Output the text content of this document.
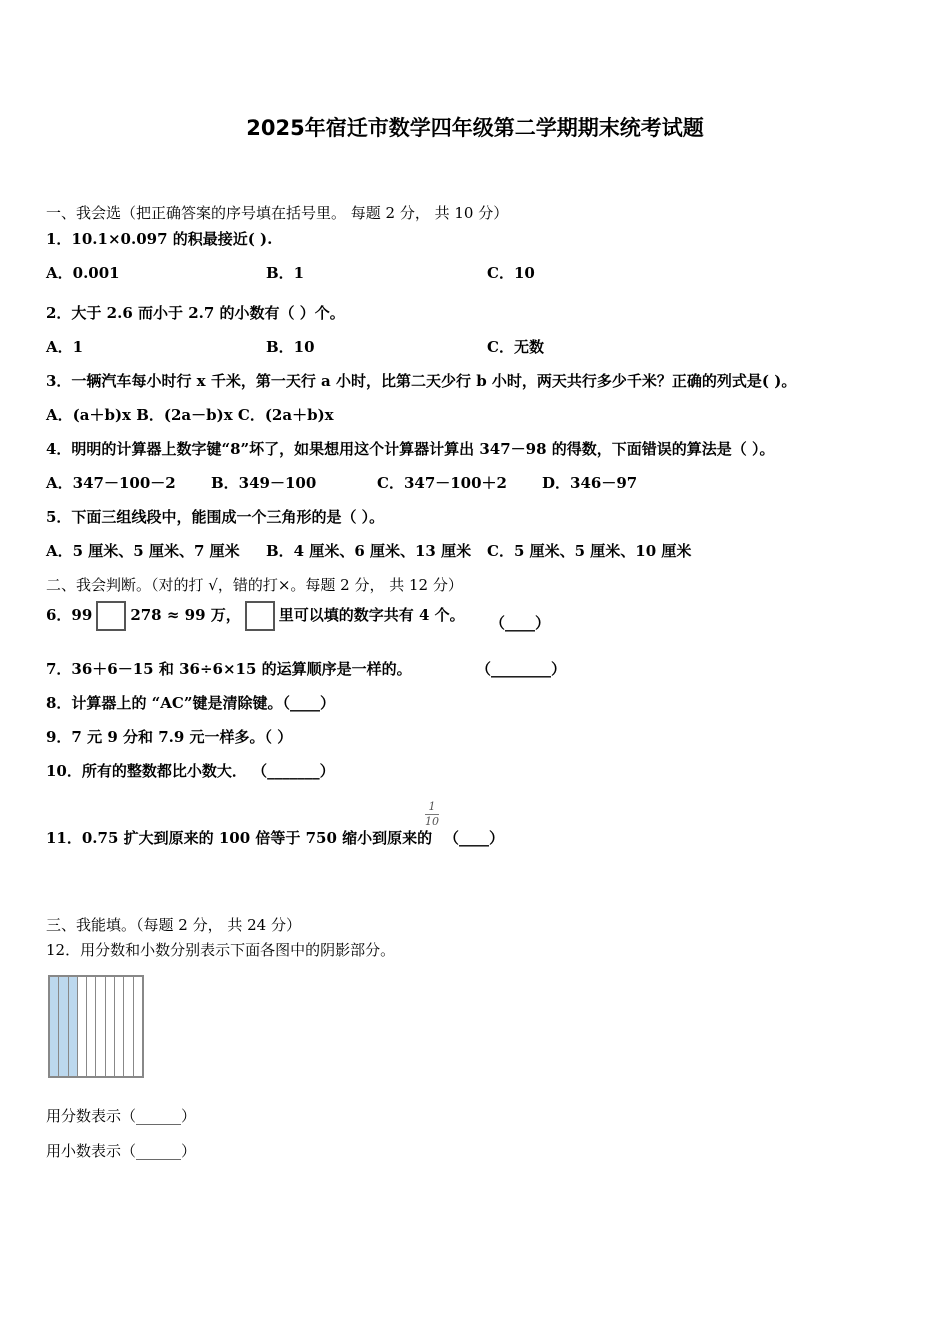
2025年宿迁市数学四年级第二学期期末统考试题
一、我会选（把正确答案的序号填在括号里。 每题 2 分， 共 10 分）
1．10.1×0.097 的积最接近( ).
A．0.001	B．1	C．10
2．大于 2.6 而小于 2.7 的小数有（ ）个。
A．1	B．10	C．无数
3．一辆汽车每小时行 x 千米，第一天行 a 小时，比第二天少行 b 小时，两天共行多少千米？正确的列式是( )。
A．(a＋b)x B．(2a－b)x C．(2a＋b)x
4．明明的计算器上数字键“8”坏了，如果想用这个计算器计算出 347－98 的得数，下面错误的算法是（ ）。
A．347－100－2 B．349－100	C．347－100＋2 D．346－97
5．下面三组线段中，能围成一个三角形的是（ ）。
A．5 厘米、5 厘米、7 厘米 B．4 厘米、6 厘米、13 厘米 C．5 厘米、5 厘米、10 厘米
二、我会判断。（对的打 √，错的打×。每题 2 分， 共 12 分）
6．99	278 ≈ 99 万，	里可以填的数字共有 4 个。 （____）
7．36＋6－15 和 36÷6×15 的运算顺序是一样的。	（________）
8．计算器上的 “AC”键是清除键。（____）
9．7 元 9 分和 7.9 元一样多。（ ）
10．所有的整数都比小数大． （_______）
11．0.75 扩大到原来的 100 倍等于 750 缩小到原来的
1
10
（____）
三、我能填。（每题 2 分， 共 24 分）
12．用分数和小数分别表示下面各图中的阴影部分。
用分数表示（______）
用小数表示（______）
